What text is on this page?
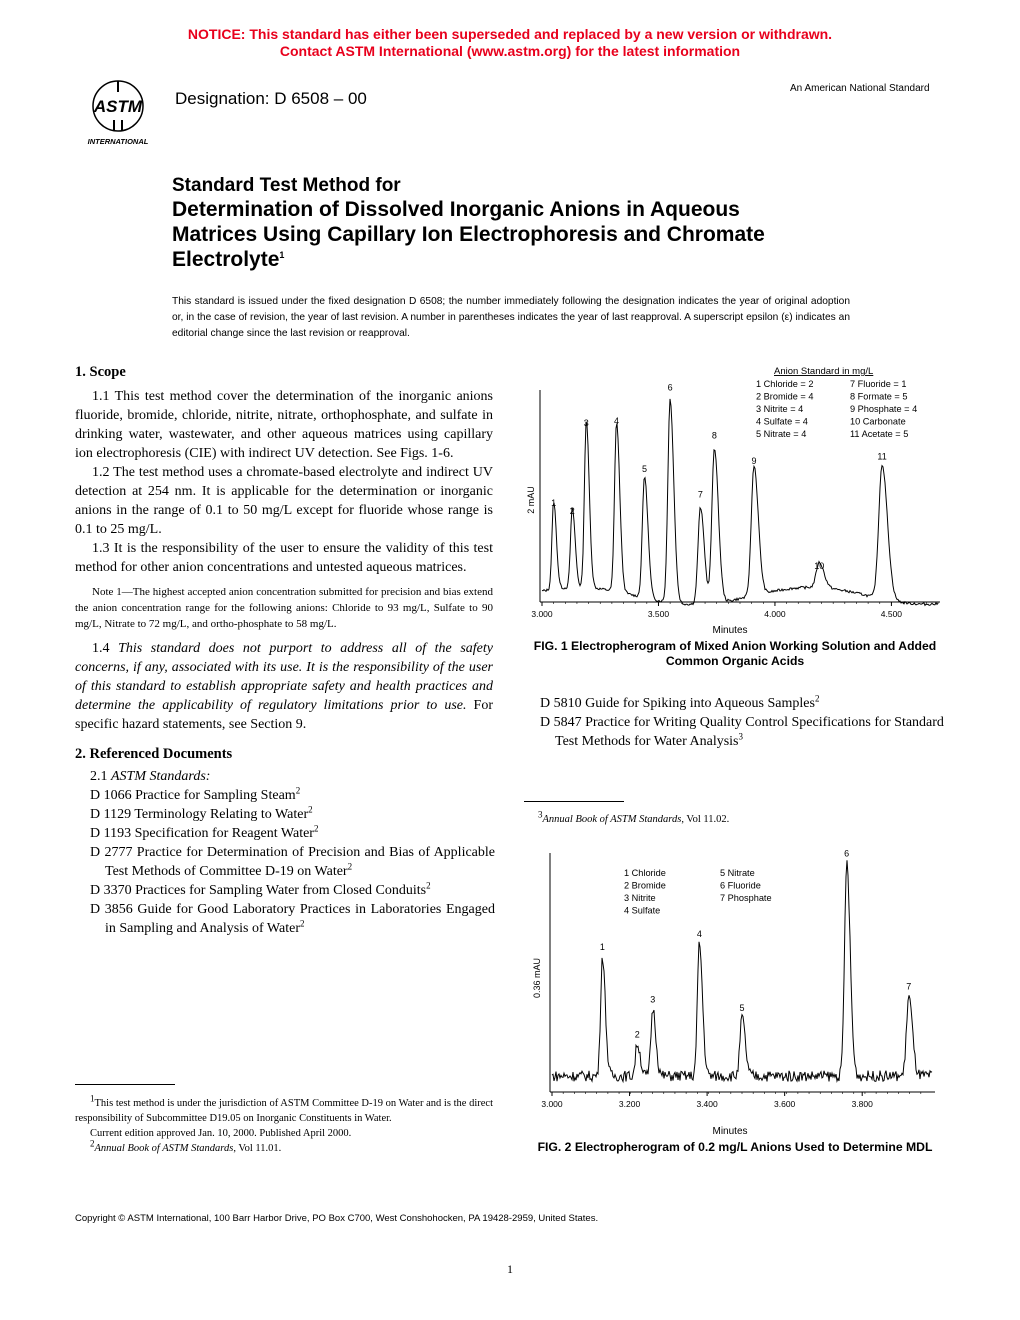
NOTICE: This standard has either been superseded and replaced by a new version or withdrawn.
Contact ASTM International (www.astm.org) for the latest information
ASTM
INTERNATIONAL
Designation: D 6508 – 00
An American National Standard
Standard Test Method for
Determination of Dissolved Inorganic Anions in Aqueous
Matrices Using Capillary Ion Electrophoresis and Chromate
Electrolyte$^1$
This standard is issued under the fixed designation D 6508; the number immediately following the designation indicates the year of original adoption or, in the case of revision, the year of last revision. A number in parentheses indicates the year of last reapproval. A superscript epsilon (ε) indicates an editorial change since the last revision or reapproval.
1. Scope

1.1 This test method cover the determination of the inorganic anions fluoride, bromide, chloride, nitrite, nitrate, orthophosphate, and sulfate in drinking water, wastewater, and other aqueous matrices using capillary ion electrophoresis (CIE) with indirect UV detection. See Figs. 1-6.

1.2 The test method uses a chromate-based electrolyte and indirect UV detection at 254 nm. It is applicable for the determination or inorganic anions in the range of 0.1 to 50 mg/L except for fluoride whose range is 0.1 to 25 mg/L.

1.3 It is the responsibility of the user to ensure the validity of this test method for other anion concentrations and untested aqueous matrices.

Note 1—The highest accepted anion concentration submitted for precision and bias extend the anion concentration range for the following anions: Chloride to 93 mg/L, Sulfate to 90 mg/L, Nitrate to 72 mg/L, and ortho-phosphate to 58 mg/L.

1.4 This standard does not purport to address all of the safety concerns, if any, associated with its use. It is the responsibility of the user of this standard to establish appropriate safety and health practices and determine the applicability of regulatory limitations prior to use. For specific hazard statements, see Section 9.

2. Referenced Documents

2.1 ASTM Standards:

D 1066 Practice for Sampling Steam$^2$
D 1129 Terminology Relating to Water$^2$
D 1193 Specification for Reagent Water$^2$
D 2777 Practice for Determination of Precision and Bias of Applicable Test Methods of Committee D-19 on Water$^2$
D 3370 Practices for Sampling Water from Closed Conduits$^2$
D 3856 Guide for Good Laboratory Practices in Laboratories Engaged in Sampling and Analysis of Water$^2$
$^1$This test method is under the jurisdiction of ASTM Committee D-19 on Water and is the direct responsibility of Subcommittee D19.05 on Inorganic Constituents in Water.
Current edition approved Jan. 10, 2000. Published April 2000.
$^2$Annual Book of ASTM Standards, Vol 11.01.
2 mAU
Minutes
3.000	3.500	4.000	4.500
1
2
3	4
5
6
7
8
9
10
11
Anion Standard in mg/L
1 Chloride = 2
2 Bromide = 4
3 Nitrite = 4
4 Sulfate = 4
5 Nitrate = 4
7 Fluoride = 1
8 Formate = 5
9 Phosphate = 4
10 Carbonate
11 Acetate = 5
FIG. 1 Electropherogram of Mixed Anion Working Solution and Added Common Organic Acids
D 5810 Guide for Spiking into Aqueous Samples$^2$
D 5847 Practice for Writing Quality Control Specifications for Standard Test Methods for Water Analysis$^3$
$^3$Annual Book of ASTM Standards, Vol 11.02.
0.36 mAU
Minutes
3.000	3.200	3.400	3.600	3.800
1
2
3
4
5
6
7
1 Chloride
2 Bromide
3 Nitrite
4 Sulfate
5 Nitrate
6 Fluoride
7 Phosphate
FIG. 2 Electropherogram of 0.2 mg/L Anions Used to Determine MDL
Copyright © ASTM International, 100 Barr Harbor Drive, PO Box C700, West Conshohocken, PA 19428-2959, United States.
1
